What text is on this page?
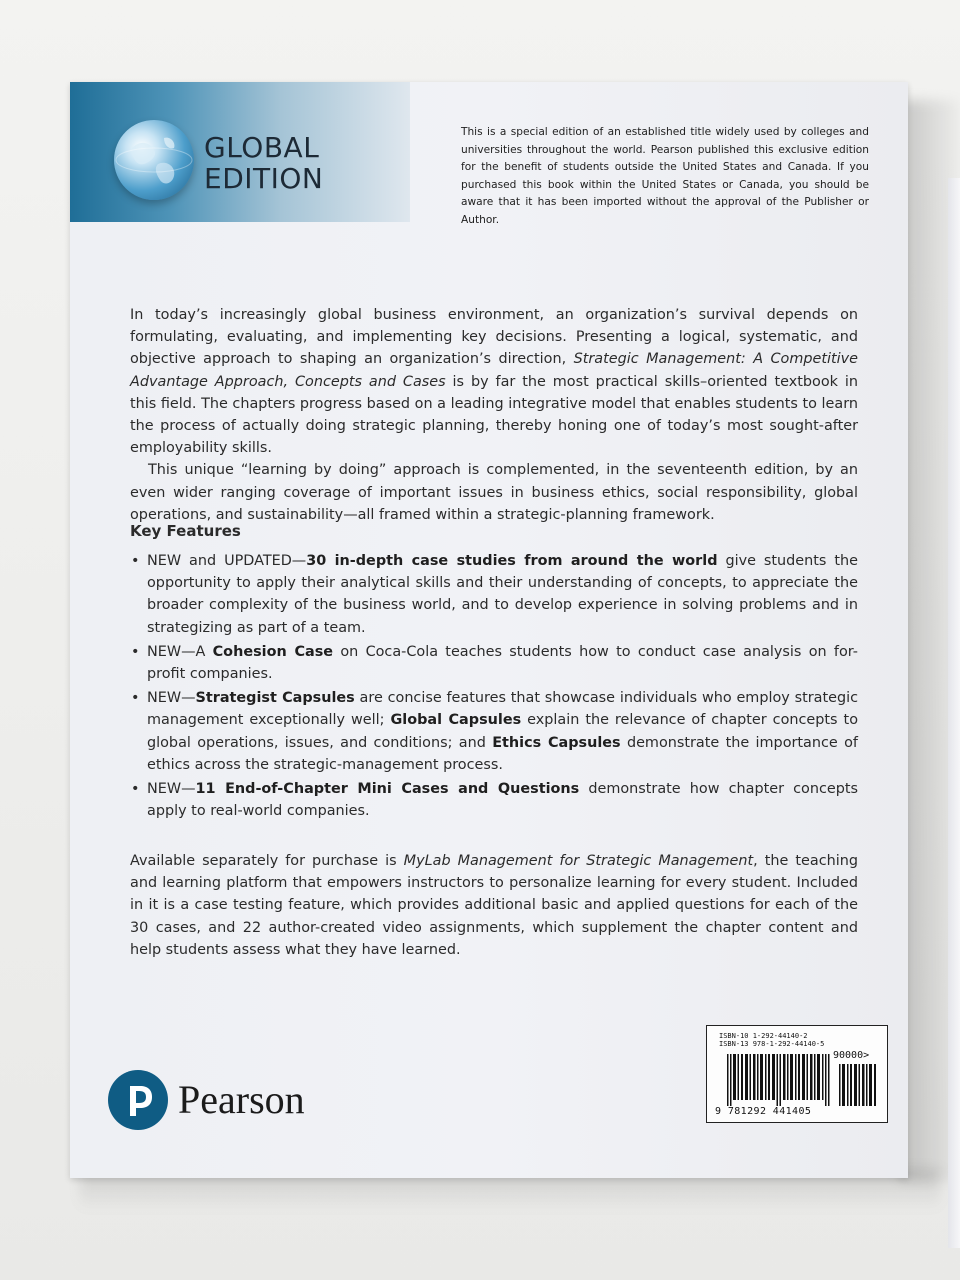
GLOBAL
EDITION
This is a special edition of an established title widely used by colleges and universities throughout the world. Pearson published this exclusive edition for the benefit of students outside the United States and Canada. If you purchased this book within the United States or Canada, you should be aware that it has been imported without the approval of the Publisher or Author.

In today’s increasingly global business environment, an organization’s survival depends on formulating, evaluating, and implementing key decisions. Presenting a logical, systematic, and objective approach to shaping an organization’s direction, Strategic Management: A Competitive Advantage Approach, Concepts and Cases is by far the most practical skills–oriented textbook in this field. The chapters progress based on a leading integrative model that enables students to learn the process of actually doing strategic planning, thereby honing one of today’s most sought-after employability skills.

This unique “learning by doing” approach is complemented, in the seventeenth edition, by an even wider ranging coverage of important issues in business ethics, social responsibility, global operations, and sustainability—all framed within a strategic-planning framework.

Key Features
• NEW and UPDATED—30 in-depth case studies from around the world give students the opportunity to apply their analytical skills and their understanding of concepts, to appreciate the broader complexity of the business world, and to develop experience in solving problems and in strategizing as part of a team.
• NEW—A Cohesion Case on Coca-Cola teaches students how to conduct case analysis on for-profit companies.
• NEW—Strategist Capsules are concise features that showcase individuals who employ strategic management exceptionally well; Global Capsules explain the relevance of chapter concepts to global operations, issues, and conditions; and Ethics Capsules demonstrate the importance of ethics across the strategic-management process.
• NEW—11 End-of-Chapter Mini Cases and Questions demonstrate how chapter concepts apply to real-world companies.

Available separately for purchase is MyLab Management for Strategic Management, the teaching and learning platform that empowers instructors to personalize learning for every student. Included in it is a case testing feature, which provides additional basic and applied questions for each of the 30 cases, and 22 author-created video assignments, which supplement the chapter content and help students assess what they have learned.

Pearson
ISBN-10 1-292-44140-2
ISBN-13 978-1-292-44140-5
90000>
9 781292 441405
